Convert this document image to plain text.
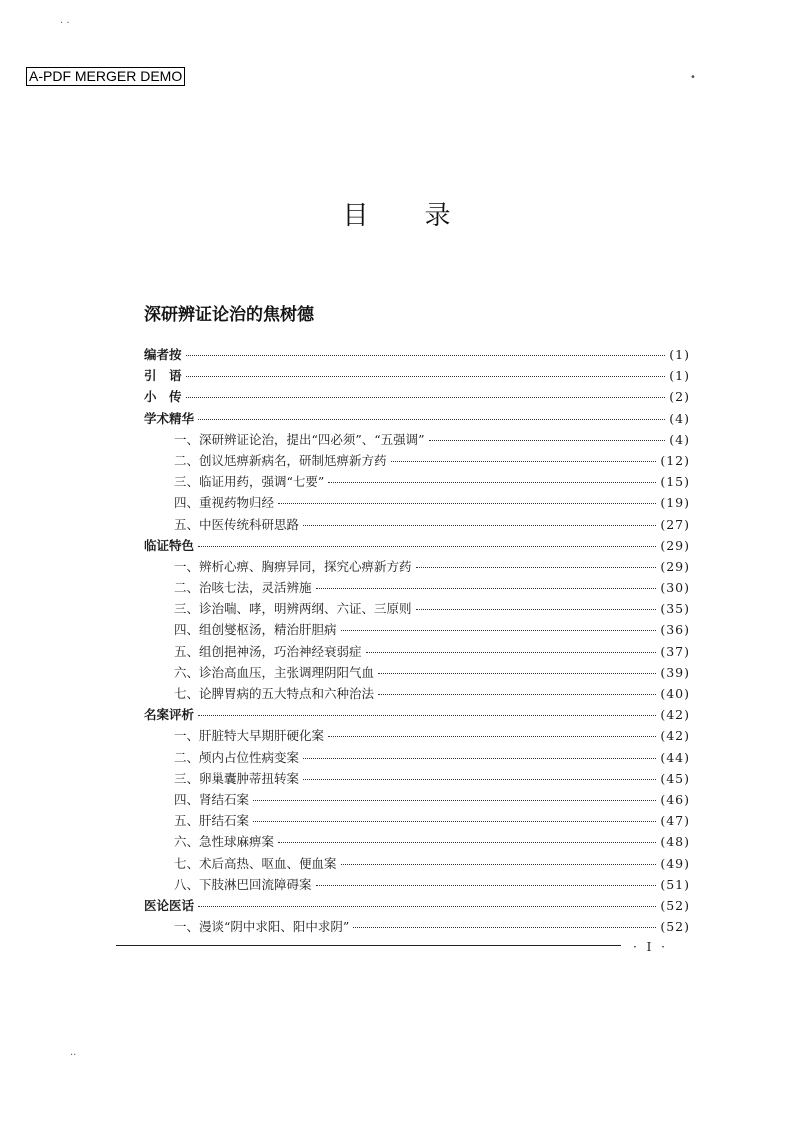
A-PDF MERGER DEMO
· ·
•
··
目录
深研辨证论治的焦树德
编者按	(1)
引　语	(1)
小　传	(2)
学术精华	(4)
一、深研辨证论治，提出“四必须”、“五强调”	(4)
二、创议尪痹新病名，研制尪痹新方药	(12)
三、临证用药，强调“七要”	(15)
四、重视药物归经	(19)
五、中医传统科研思路	(27)
临证特色	(29)
一、辨析心痹、胸痹异同，探究心痹新方药	(29)
二、治咳七法，灵活辨施	(30)
三、诊治喘、哮，明辨两纲、六证、三原则	(35)
四、组创燮枢汤，精治肝胆病	(36)
五、组创挹神汤，巧治神经衰弱症	(37)
六、诊治高血压，主张调理阴阳气血	(39)
七、论脾胃病的五大特点和六种治法	(40)
名案评析	(42)
一、肝脏特大早期肝硬化案	(42)
二、颅内占位性病变案	(44)
三、卵巢囊肿蒂扭转案	(45)
四、肾结石案	(46)
五、肝结石案	(47)
六、急性球麻痹案	(48)
七、术后高热、呕血、便血案	(49)
八、下肢淋巴回流障碍案	(51)
医论医话	(52)
一、漫谈“阴中求阳、阳中求阴”	(52)
· I ·
